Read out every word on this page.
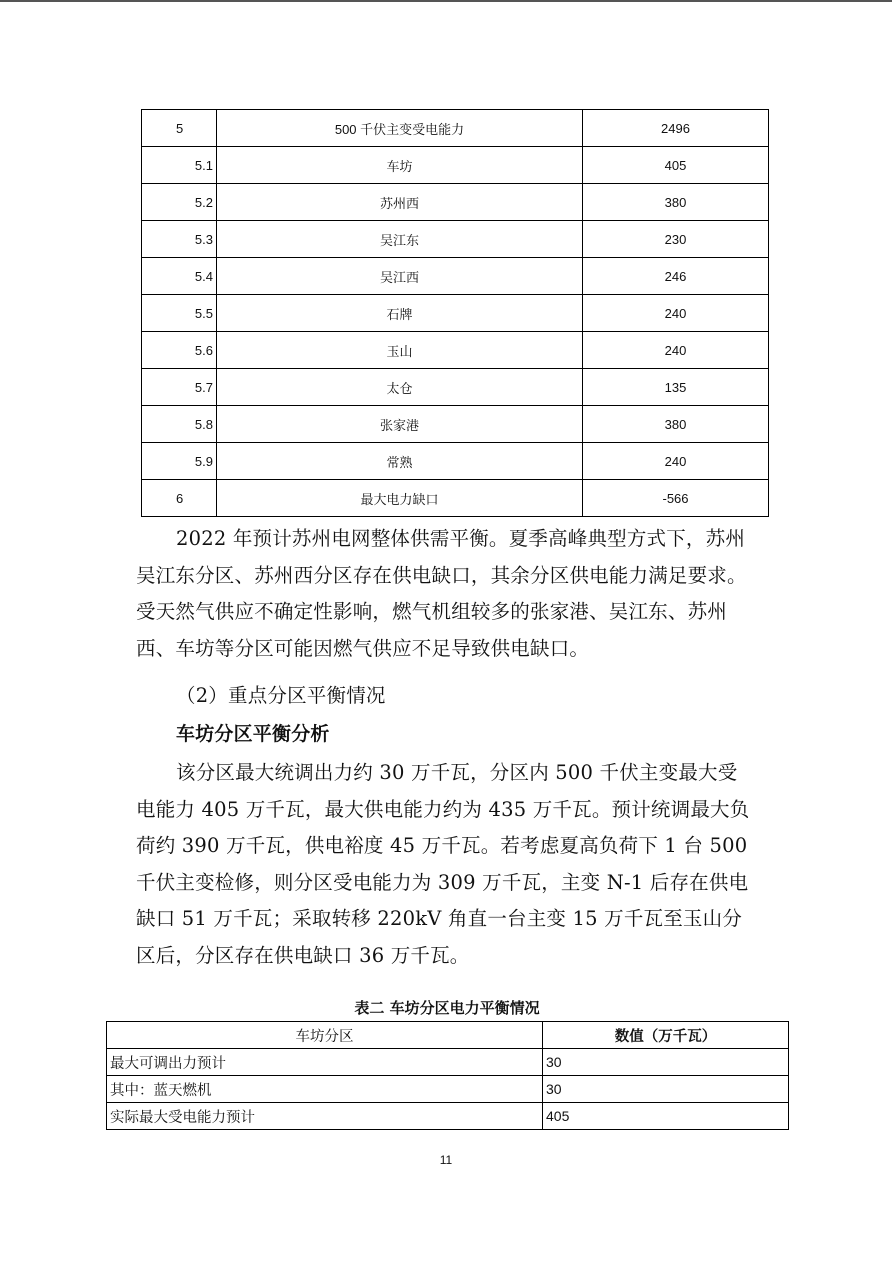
5	500 千伏主变受电能力	2496
5.1	车坊	405
5.2	苏州西	380
5.3	吴江东	230
5.4	吴江西	246
5.5	石牌	240
5.6	玉山	240
5.7	太仓	135
5.8	张家港	380
5.9	常熟	240
6	最大电力缺口	-566

2022 年预计苏州电网整体供需平衡。夏季高峰典型方式下，苏州吴江东分区、苏州西分区存在供电缺口，其余分区供电能力满足要求。受天然气供应不确定性影响，燃气机组较多的张家港、吴江东、苏州西、车坊等分区可能因燃气供应不足导致供电缺口。

（2）重点分区平衡情况

车坊分区平衡分析

该分区最大统调出力约 30 万千瓦，分区内 500 千伏主变最大受电能力 405 万千瓦，最大供电能力约为 435 万千瓦。预计统调最大负荷约 390 万千瓦，供电裕度 45 万千瓦。若考虑夏高负荷下 1 台 500 千伏主变检修，则分区受电能力为 309 万千瓦，主变 N-1 后存在供电缺口 51 万千瓦；采取转移 220kV 角直一台主变 15 万千瓦至玉山分区后，分区存在供电缺口 36 万千瓦。

表二 车坊分区电力平衡情况
车坊分区	数值（万千瓦）
最大可调出力预计	30
其中：蓝天燃机	30
实际最大受电能力预计	405
11
